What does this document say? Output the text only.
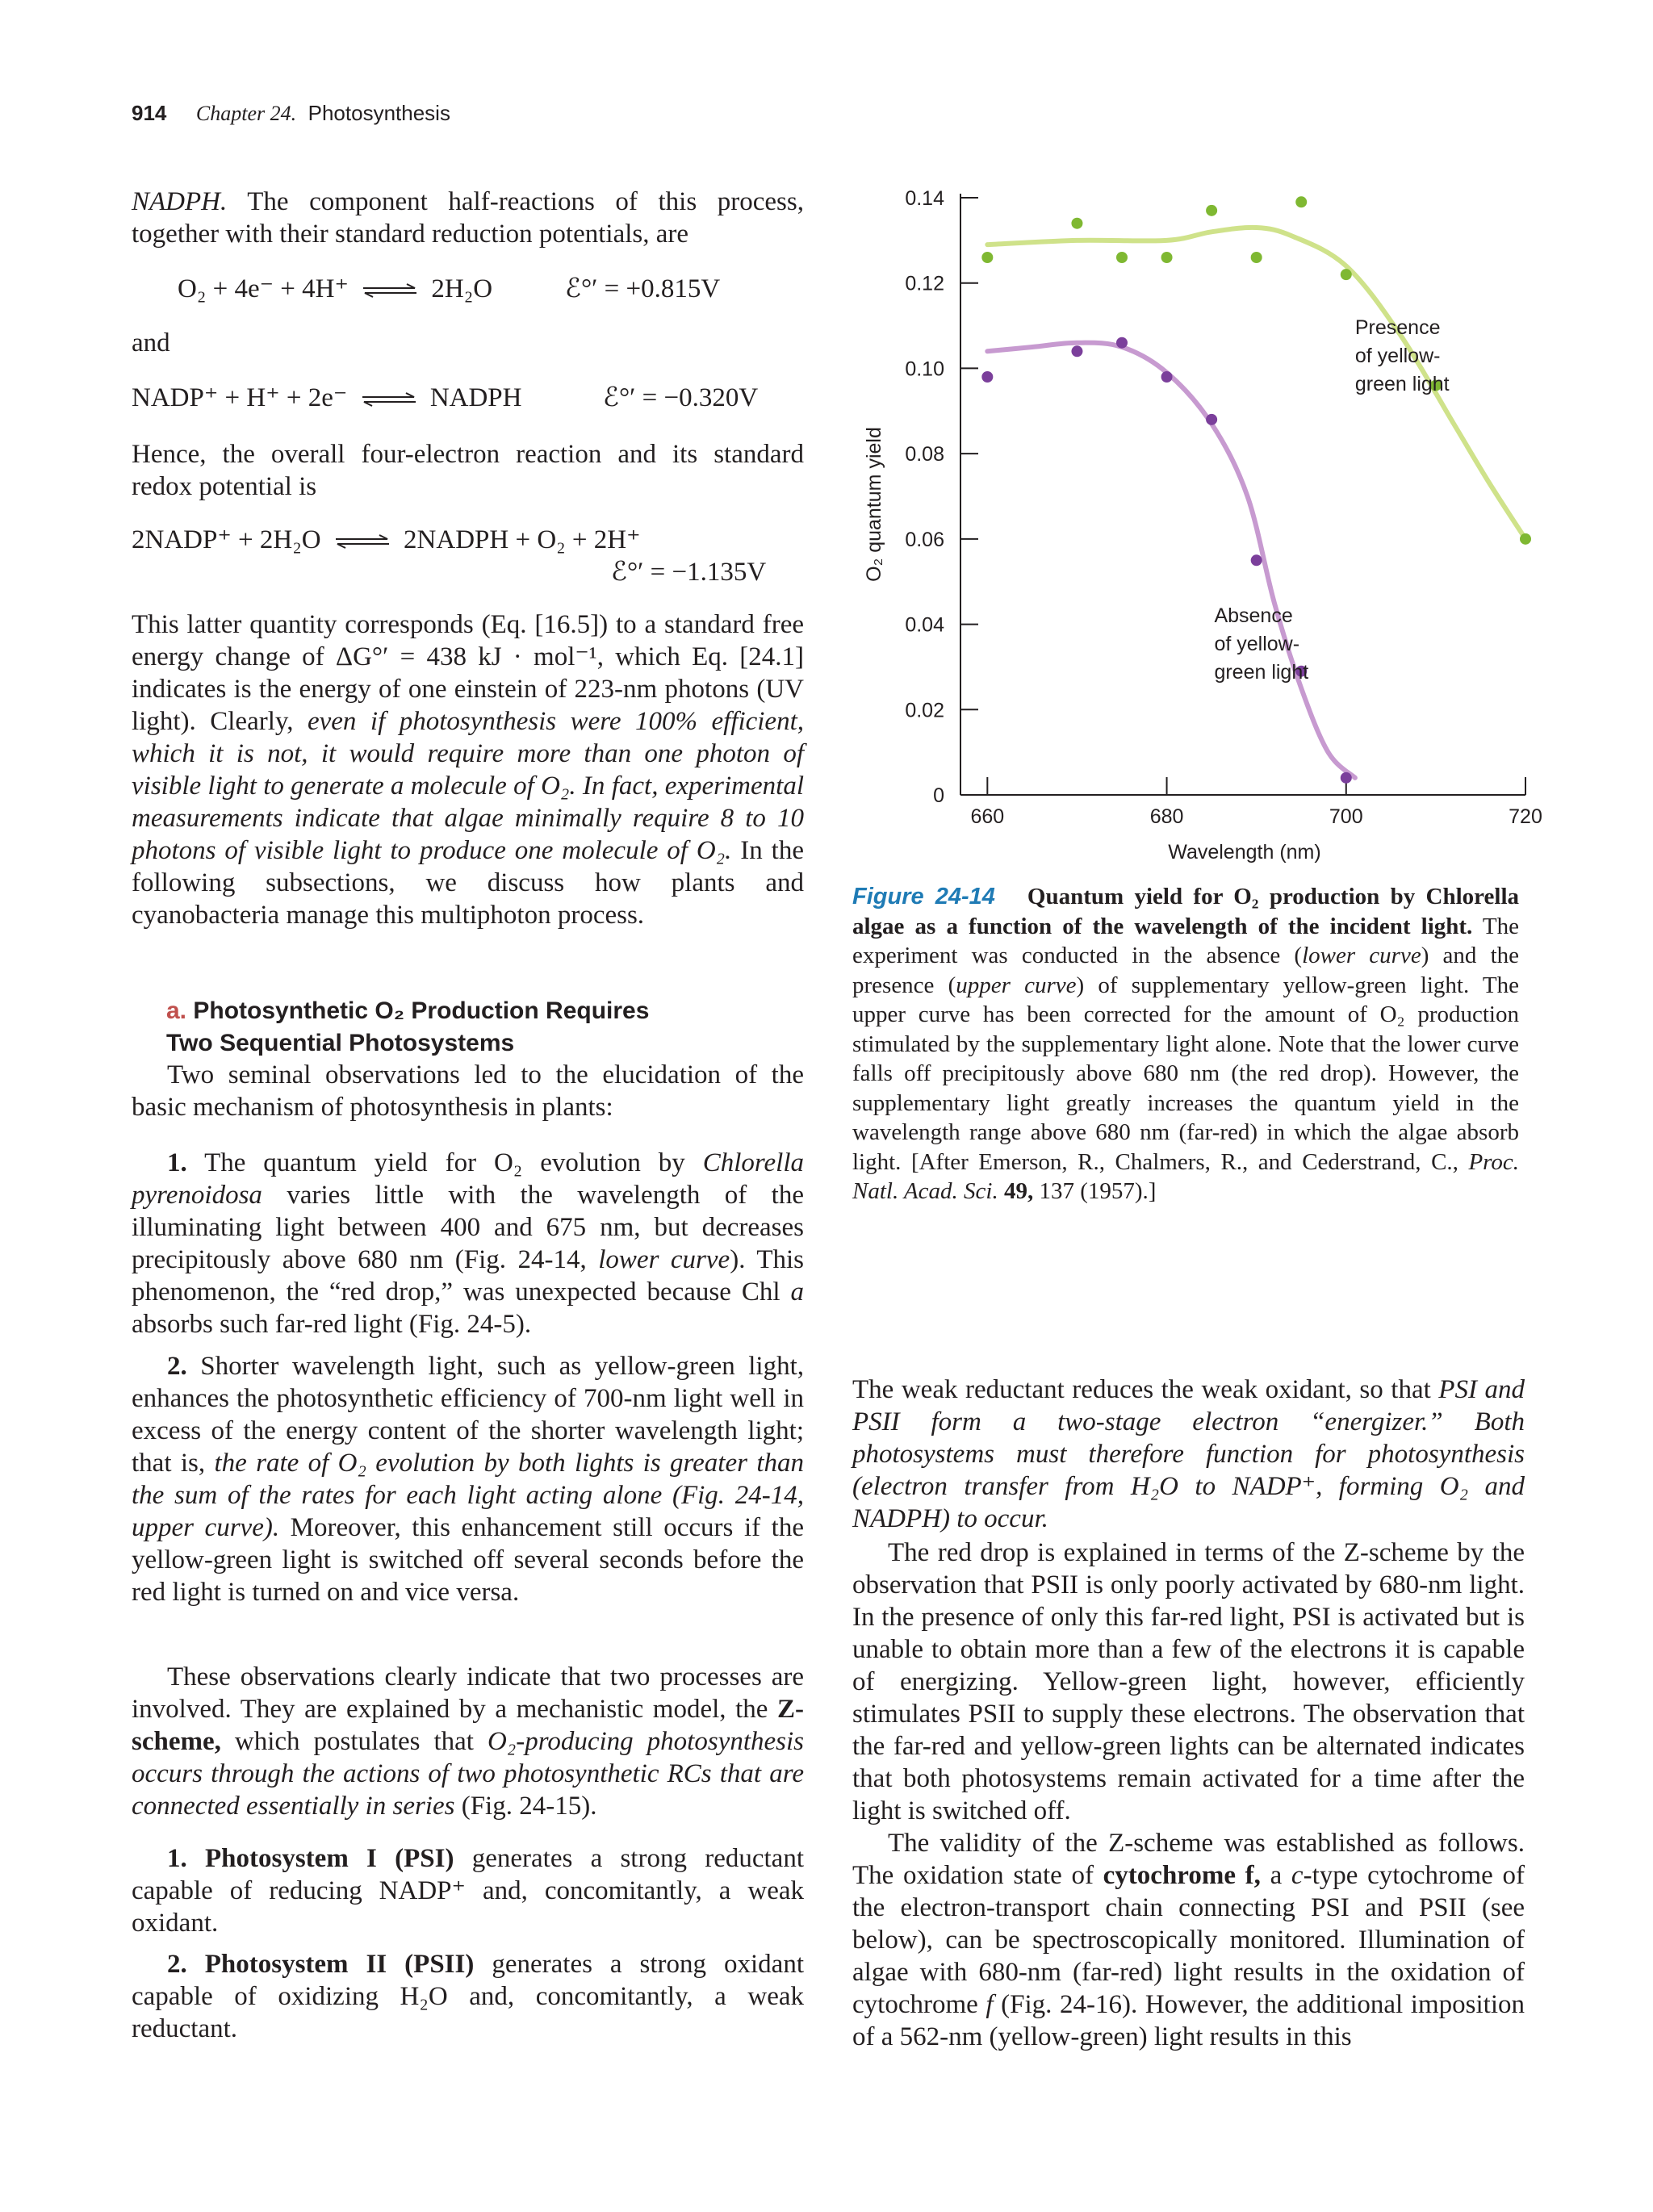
914 Chapter 24. Photosynthesis

NADPH. The component half-reactions of this process, together with their standard reduction potentials, are

O₂ + 4e⁻ + 4H⁺ ⇌ 2H₂O	ℰ°′ = +0.815V
and
NADP⁺ + H⁺ + 2e⁻ ⇌ NADPH	ℰ°′ = −0.320V
Hence, the overall four-electron reaction and its standard redox potential is
2NADP⁺ + 2H₂O ⇌ 2NADPH + O₂ + 2H⁺
ℰ°′ = −1.135V

This latter quantity corresponds (Eq. [16.5]) to a standard free energy change of ΔG°′ = 438 kJ · mol⁻¹, which Eq. [24.1] indicates is the energy of one einstein of 223-nm photons (UV light). Clearly, even if photosynthesis were 100% efficient, which it is not, it would require more than one photon of visible light to generate a molecule of O₂. In fact, experimental measurements indicate that algae minimally require 8 to 10 photons of visible light to produce one molecule of O₂. In the following subsections, we discuss how plants and cyanobacteria manage this multiphoton process.

a. Photosynthetic O₂ Production Requires
Two Sequential Photosystems

Two seminal observations led to the elucidation of the basic mechanism of photosynthesis in plants:

1. The quantum yield for O₂ evolution by Chlorella pyrenoidosa varies little with the wavelength of the illuminating light between 400 and 675 nm, but decreases precipitously above 680 nm (Fig. 24-14, lower curve). This phenomenon, the “red drop,” was unexpected because Chl a absorbs such far-red light (Fig. 24-5).

2. Shorter wavelength light, such as yellow-green light, enhances the photosynthetic efficiency of 700-nm light well in excess of the energy content of the shorter wavelength light; that is, the rate of O₂ evolution by both lights is greater than the sum of the rates for each light acting alone (Fig. 24-14, upper curve). Moreover, this enhancement still occurs if the yellow-green light is switched off several seconds before the red light is turned on and vice versa.

These observations clearly indicate that two processes are involved. They are explained by a mechanistic model, the Z-scheme, which postulates that O₂-producing photosynthesis occurs through the actions of two photosynthetic RCs that are connected essentially in series (Fig. 24-15).

1. Photosystem I (PSI) generates a strong reductant capable of reducing NADP⁺ and, concomitantly, a weak oxidant.

2. Photosystem II (PSII) generates a strong oxidant capable of oxidizing H₂O and, concomitantly, a weak reductant.

0
0.02
0.04
0.06
0.08
0.10
0.12
0.14
660	680	700	720
O₂ quantum yield
Wavelength (nm)
Presence
of yellow-
green light
Absence
of yellow-
green light
Figure 24-14 Quantum yield for O₂ production by Chlorella algae as a function of the wavelength of the incident light. The experiment was conducted in the absence (lower curve) and the presence (upper curve) of supplementary yellow-green light. The upper curve has been corrected for the amount of O₂ production stimulated by the supplementary light alone. Note that the lower curve falls off precipitously above 680 nm (the red drop). However, the supplementary light greatly increases the quantum yield in the wavelength range above 680 nm (far-red) in which the algae absorb light. [After Emerson, R., Chalmers, R., and Cederstrand, C., Proc. Natl. Acad. Sci. 49, 137 (1957).]

The weak reductant reduces the weak oxidant, so that PSI and PSII form a two-stage electron “energizer.” Both photosystems must therefore function for photosynthesis (electron transfer from H₂O to NADP⁺, forming O₂ and NADPH) to occur.

The red drop is explained in terms of the Z-scheme by the observation that PSII is only poorly activated by 680-nm light. In the presence of only this far-red light, PSI is activated but is unable to obtain more than a few of the electrons it is capable of energizing. Yellow-green light, however, efficiently stimulates PSII to supply these electrons. The observation that the far-red and yellow-green lights can be alternated indicates that both photosystems remain activated for a time after the light is switched off.

The validity of the Z-scheme was established as follows. The oxidation state of cytochrome f, a c-type cytochrome of the electron-transport chain connecting PSI and PSII (see below), can be spectroscopically monitored. Illumination of algae with 680-nm (far-red) light results in the oxidation of cytochrome f (Fig. 24-16). However, the additional imposition of a 562-nm (yellow-green) light results in this
